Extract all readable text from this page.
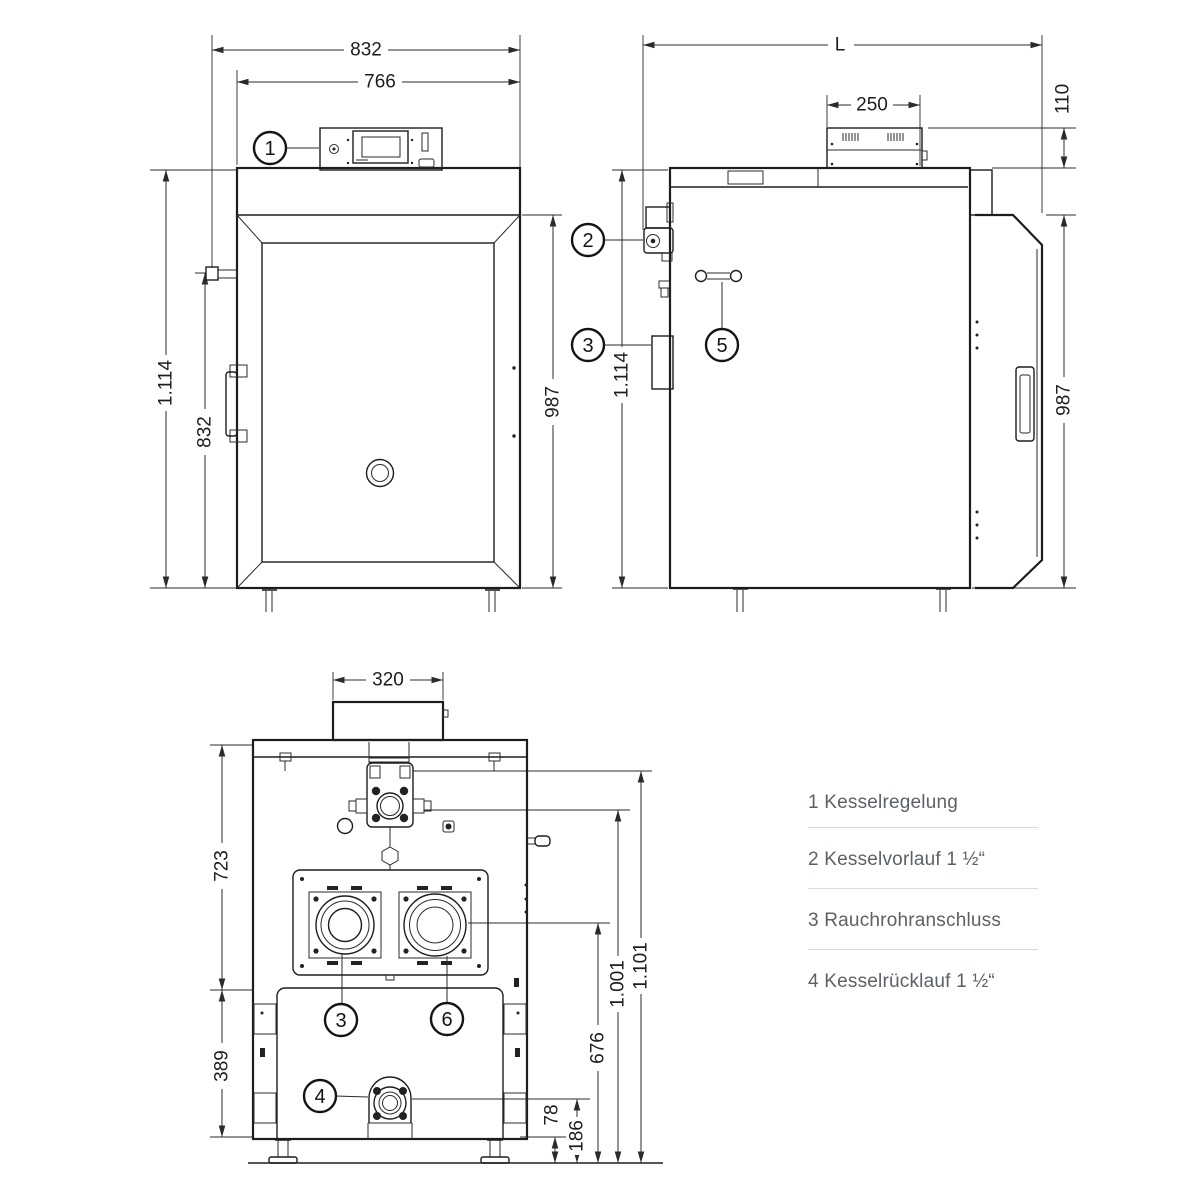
832
766
1.114
832
987
1
L
250	110
1.114
987
2
3	5
320
723
389
78
186
676
1.001 1.101
3	6
4
1 Kesselregelung
2 Kesselvorlauf 1 ½“
3 Rauchrohranschluss
4 Kesselrücklauf 1 ½“
